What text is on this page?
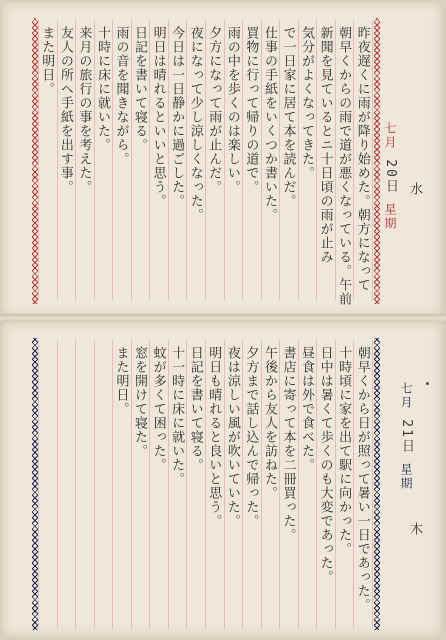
昨夜遅くに雨が降り始めた。朝方になって
朝早くからの雨で道が悪くなっている。午前
新聞を見ているとニ十日頃の雨が止み
気分がよくなってきた。
で一日家に居て本を読んだ。
仕事の手紙をいくつか書いた。
買物に行って帰りの道で。
雨の中を歩くのは楽しい。
夕方になって雨が止んだ。
夜になって少し涼しくなった。
今日は一日静かに過ごした。
明日は晴れるといいと思う。
日記を書いて寝る。
雨の音を聞きながら。
十時に床に就いた。
来月の旅行の事を考えた。
友人の所へ手紙を出す事。
また明日。
七月 20日 星期
水
朝早くから日が照って暑い一日であった。
十時頃に家を出て駅に向かった。
日中は暑くて歩くのも大変であった。
昼食は外で食べた。
書店に寄って本を二冊買った。
午後から友人を訪ねた。
夕方まで話し込んで帰った。
夜は涼しい風が吹いていた。
明日も晴れると良いと思う。
日記を書いて寝る。
十一時に床に就いた。
蚊が多くて困った。
窓を開けて寝た。
また明日。	七月 21日 星期
木
